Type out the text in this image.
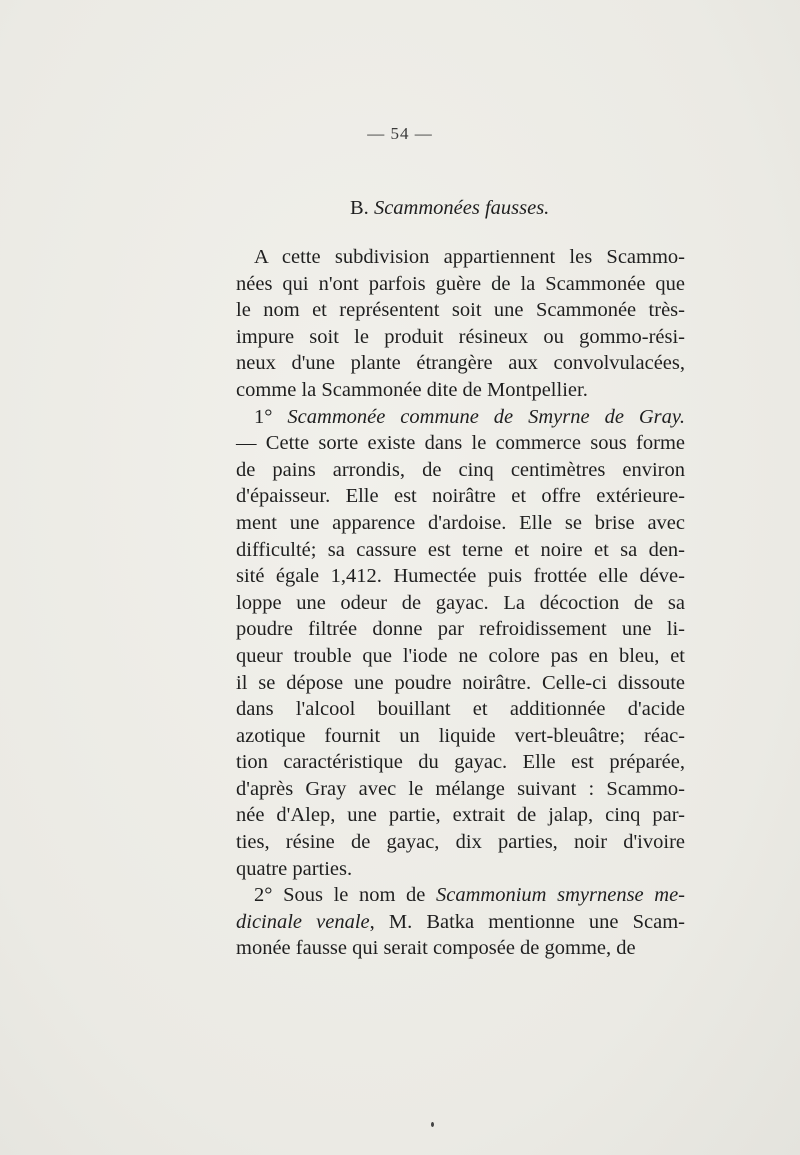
— 54 —
B. Scammonées fausses.
A cette subdivision appartiennent les Scammo-
nées qui n'ont parfois guère de la Scammonée que
le nom et représentent soit une Scammonée très-
impure soit le produit résineux ou gommo-rési-
neux d'une plante étrangère aux convolvulacées,
comme la Scammonée dite de Montpellier.
1° Scammonée commune de Smyrne de Gray.
— Cette sorte existe dans le commerce sous forme
de pains arrondis, de cinq centimètres environ
d'épaisseur. Elle est noirâtre et offre extérieure-
ment une apparence d'ardoise. Elle se brise avec
difficulté; sa cassure est terne et noire et sa den-
sité égale 1,412. Humectée puis frottée elle déve-
loppe une odeur de gayac. La décoction de sa
poudre filtrée donne par refroidissement une li-
queur trouble que l'iode ne colore pas en bleu, et
il se dépose une poudre noirâtre. Celle-ci dissoute
dans l'alcool bouillant et additionnée d'acide
azotique fournit un liquide vert-bleuâtre; réac-
tion caractéristique du gayac. Elle est préparée,
d'après Gray avec le mélange suivant : Scammo-
née d'Alep, une partie, extrait de jalap, cinq par-
ties, résine de gayac, dix parties, noir d'ivoire
quatre parties.
2° Sous le nom de Scammonium smyrnense me-
dicinale venale, M. Batka mentionne une Scam-
monée fausse qui serait composée de gomme, de
